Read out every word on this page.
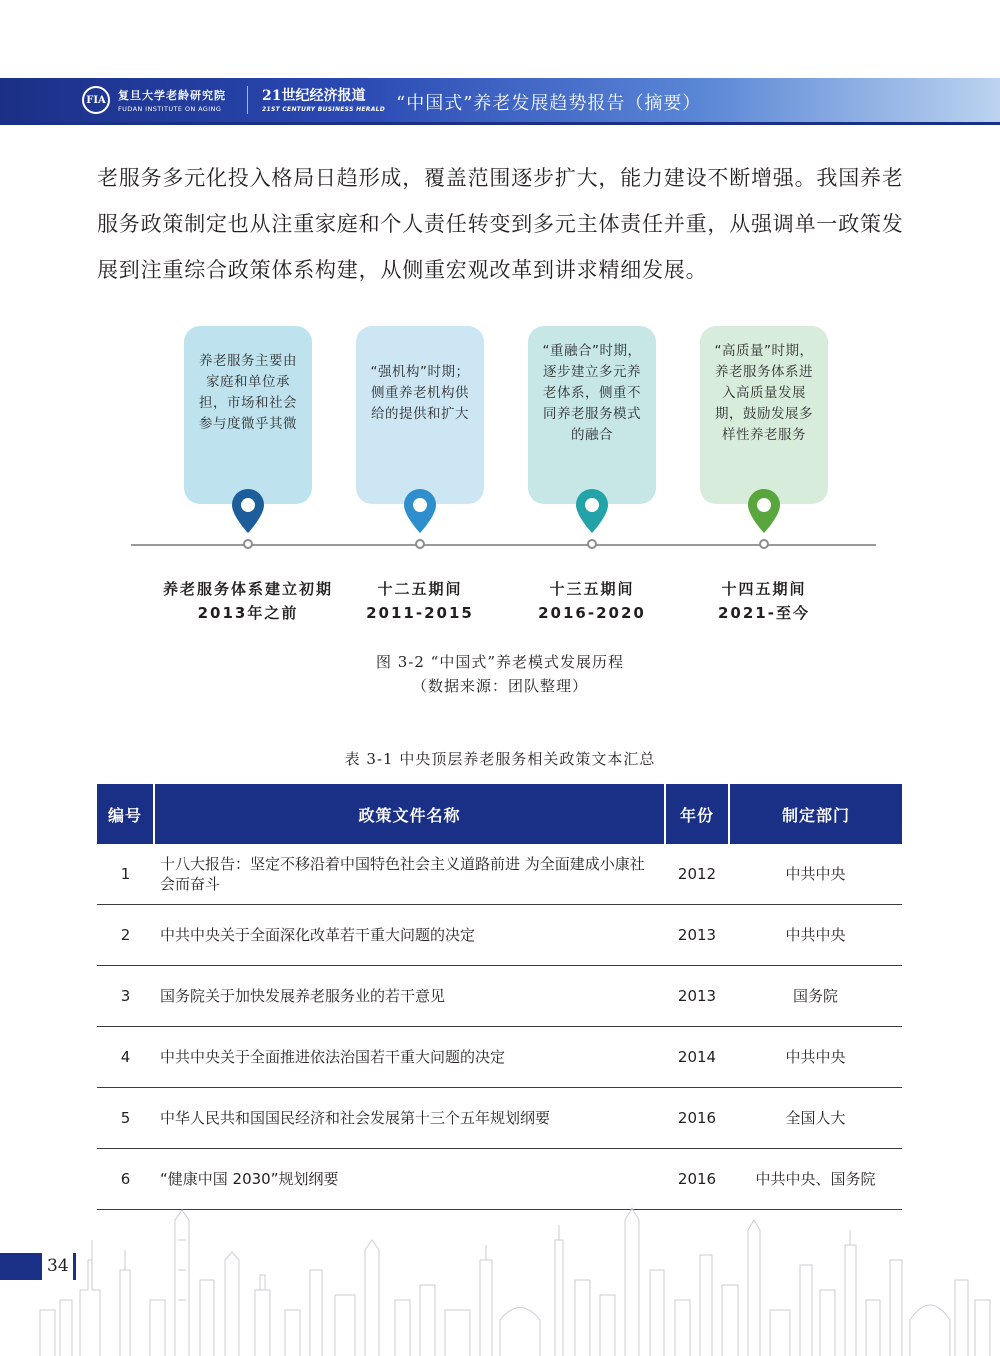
FIA 复旦大学老龄研究院
FUDAN INSTITUTE ON AGING
21世纪经济报道
21ST CENTURY BUSINESS HERALD “中国式”养老发展趋势报告（摘要）
老服务多元化投入格局日趋形成，覆盖范围逐步扩大，能力建设不断增强。我国养老服务政策制定也从注重家庭和个人责任转变到多元主体责任并重，从强调单一政策发展到注重综合政策体系构建，从侧重宏观改革到讲求精细发展。
养老服务主要由家庭和单位承担，市场和社会参与度微乎其微
“强机构”时期；侧重养老机构供给的提供和扩大
“重融合”时期，逐步建立多元养老体系，侧重不同养老服务模式的融合
“高质量”时期，养老服务体系进入高质量发展期，鼓励发展多样性养老服务
养老服务体系建立初期
2013年之前
十二五期间
2011-2015
十三五期间
2016-2020
十四五期间
2021-至今
图 3-2 “中国式”养老模式发展历程
（数据来源：团队整理）
表 3-1 中央顶层养老服务相关政策文本汇总
编号	政策文件名称	年份	制定部门
1	十八大报告：坚定不移沿着中国特色社会主义道路前进 为全面建成小康社会而奋斗	2012	中共中央
2	中共中央关于全面深化改革若干重大问题的决定	2013	中共中央
3	国务院关于加快发展养老服务业的若干意见	2013	国务院
4	中共中央关于全面推进依法治国若干重大问题的决定	2014	中共中央
5	中华人民共和国国民经济和社会发展第十三个五年规划纲要	2016	全国人大
6	“健康中国 2030”规划纲要	2016	中共中央、国务院
34
